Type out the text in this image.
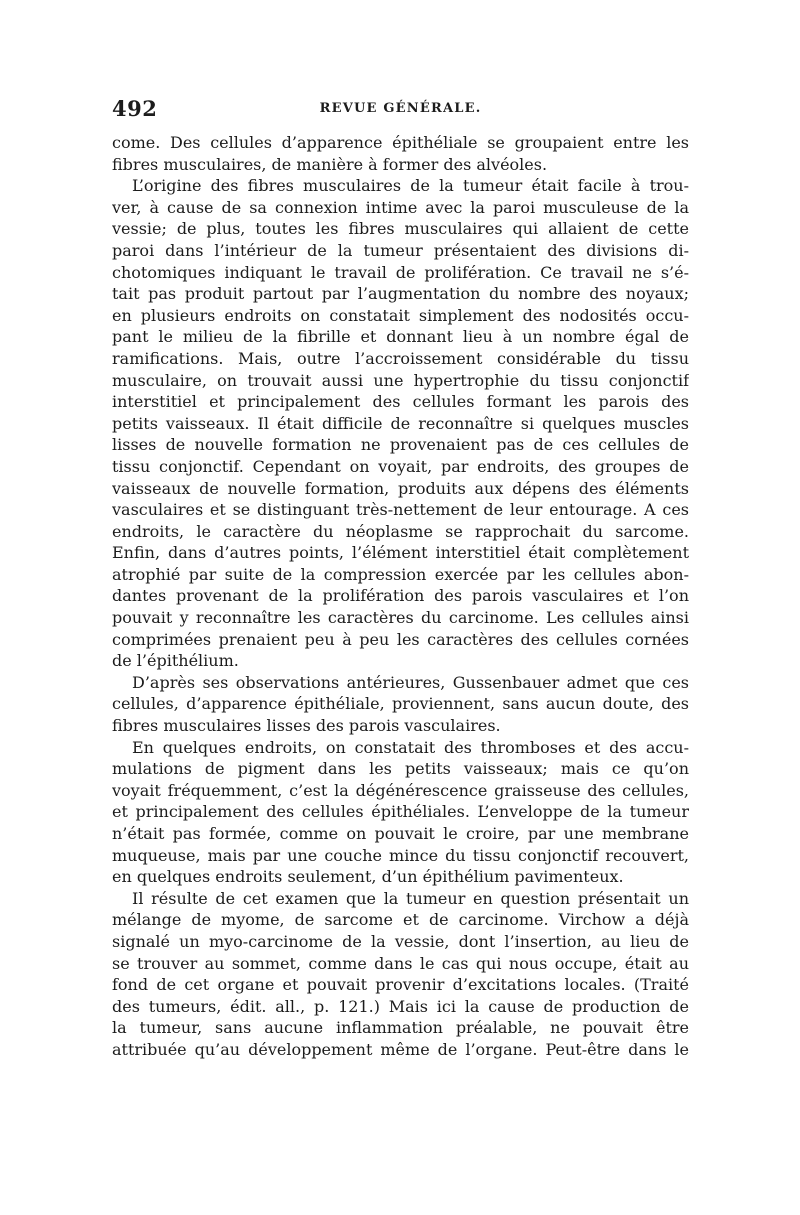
492	REVUE GÉNÉRALE.
come. Des cellules d’apparence épithéliale se groupaient entre les
fibres musculaires, de manière à former des alvéoles.
L’origine des fibres musculaires de la tumeur était facile à trou-
ver, à cause de sa connexion intime avec la paroi musculeuse de la
vessie; de plus, toutes les fibres musculaires qui allaient de cette
paroi dans l’intérieur de la tumeur présentaient des divisions di-
chotomiques indiquant le travail de prolifération. Ce travail ne s’é-
tait pas produit partout par l’augmentation du nombre des noyaux;
en plusieurs endroits on constatait simplement des nodosités occu-
pant le milieu de la fibrille et donnant lieu à un nombre égal de
ramifications. Mais, outre l’accroissement considérable du tissu
musculaire, on trouvait aussi une hypertrophie du tissu conjonctif
interstitiel et principalement des cellules formant les parois des
petits vaisseaux. Il était difficile de reconnaître si quelques muscles
lisses de nouvelle formation ne provenaient pas de ces cellules de
tissu conjonctif. Cependant on voyait, par endroits, des groupes de
vaisseaux de nouvelle formation, produits aux dépens des éléments
vasculaires et se distinguant très-nettement de leur entourage. A ces
endroits, le caractère du néoplasme se rapprochait du sarcome.
Enfin, dans d’autres points, l’élément interstitiel était complètement
atrophié par suite de la compression exercée par les cellules abon-
dantes provenant de la prolifération des parois vasculaires et l’on
pouvait y reconnaître les caractères du carcinome. Les cellules ainsi
comprimées prenaient peu à peu les caractères des cellules cornées
de l’épithélium.
D’après ses observations antérieures, Gussenbauer admet que ces
cellules, d’apparence épithéliale, proviennent, sans aucun doute, des
fibres musculaires lisses des parois vasculaires.
En quelques endroits, on constatait des thromboses et des accu-
mulations de pigment dans les petits vaisseaux; mais ce qu’on
voyait fréquemment, c’est la dégénérescence graisseuse des cellules,
et principalement des cellules épithéliales. L’enveloppe de la tumeur
n’était pas formée, comme on pouvait le croire, par une membrane
muqueuse, mais par une couche mince du tissu conjonctif recouvert,
en quelques endroits seulement, d’un épithélium pavimenteux.
Il résulte de cet examen que la tumeur en question présentait un
mélange de myome, de sarcome et de carcinome. Virchow a déjà
signalé un myo-carcinome de la vessie, dont l’insertion, au lieu de
se trouver au sommet, comme dans le cas qui nous occupe, était au
fond de cet organe et pouvait provenir d’excitations locales. (Traité
des tumeurs, édit. all., p. 121.) Mais ici la cause de production de
la tumeur, sans aucune inflammation préalable, ne pouvait être
attribuée qu’au développement même de l’organe. Peut-être dans le
